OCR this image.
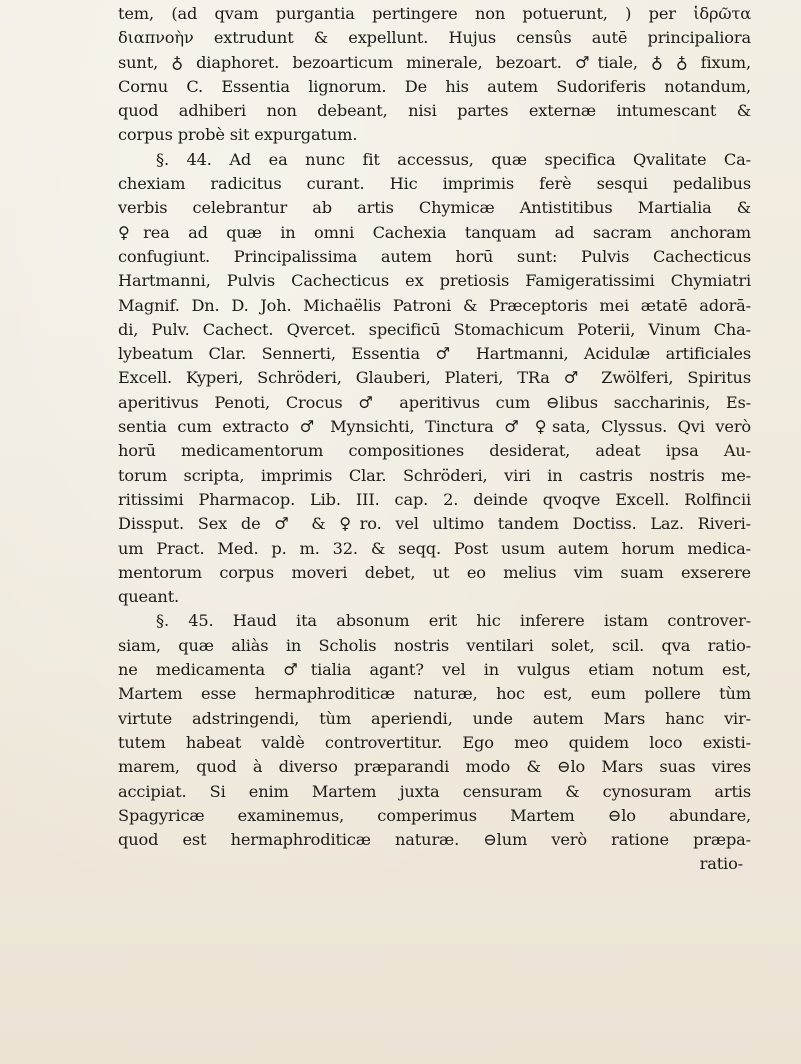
tem, (ad qvam purgantia pertingere non potuerunt, ) per ἱδρῶτα
διαπνοὴν extrudunt & expellunt. Hujus censûs autē principaliora
sunt, ♁ diaphoret. bezoarticum minerale, bezoart. ♂tiale, ♁ ♁ fixum,
Cornu C. Essentia lignorum. De his autem Sudoriferis notandum,
quod adhiberi non debeant, nisi partes externæ intumescant &
corpus probè sit expurgatum.
§. 44. Ad ea nunc fit accessus, quæ specifica Qvalitate Ca-
chexiam radicitus curant. Hic imprimis ferè sesqui pedalibus
verbis celebrantur ab artis Chymicæ Antistitibus Martialia &
♀rea ad quæ in omni Cachexia tanquam ad sacram anchoram
confugiunt. Principalissima autem horū sunt: Pulvis Cachecticus
Hartmanni, Pulvis Cachecticus ex pretiosis Famigeratissimi Chymiatri
Magnif. Dn. D. Joh. Michaëlis Patroni & Præceptoris mei ætatē adorā-
di, Pulv. Cachect. Qvercet. specificū Stomachicum Poterii, Vinum Cha-
lybeatum Clar. Sennerti, Essentia ♂ Hartmanni, Acidulæ artificiales
Excell. Kyperi, Schröderi, Glauberi, Plateri, TRa ♂ Zwölferi, Spiritus
aperitivus Penoti, Crocus ♂ aperitivus cum ⊖libus saccharinis, Es-
sentia cum extracto ♂ Mynsichti, Tinctura ♂ ♀sata, Clyssus. Qvi verò
horū medicamentorum compositiones desiderat, adeat ipsa Au-
torum scripta, imprimis Clar. Schröderi, viri in castris nostris me-
ritissimi Pharmacop. Lib. III. cap. 2. deinde qvoqve Excell. Rolfincii
Dissput. Sex de ♂ & ♀ro. vel ultimo tandem Doctiss. Laz. Riveri-
um Pract. Med. p. m. 32. & seqq. Post usum autem horum medica-
mentorum corpus moveri debet, ut eo melius vim suam exserere
queant.
§. 45. Haud ita absonum erit hic inferere istam controver-
siam, quæ aliàs in Scholis nostris ventilari solet, scil. qva ratio-
ne medicamenta ♂tialia agant? vel in vulgus etiam notum est,
Martem esse hermaphroditicæ naturæ, hoc est, eum pollere tùm
virtute adstringendi, tùm aperiendi, unde autem Mars hanc vir-
tutem habeat valdè controvertitur. Ego meo quidem loco existi-
marem, quod à diverso præparandi modo & ⊖lo Mars suas vires
accipiat. Si enim Martem juxta censuram & cynosuram artis
Spagyricæ examinemus, comperimus Martem ⊖lo abundare,
quod est hermaphroditicæ naturæ. ⊖lum verò ratione præpa-
ratio-
